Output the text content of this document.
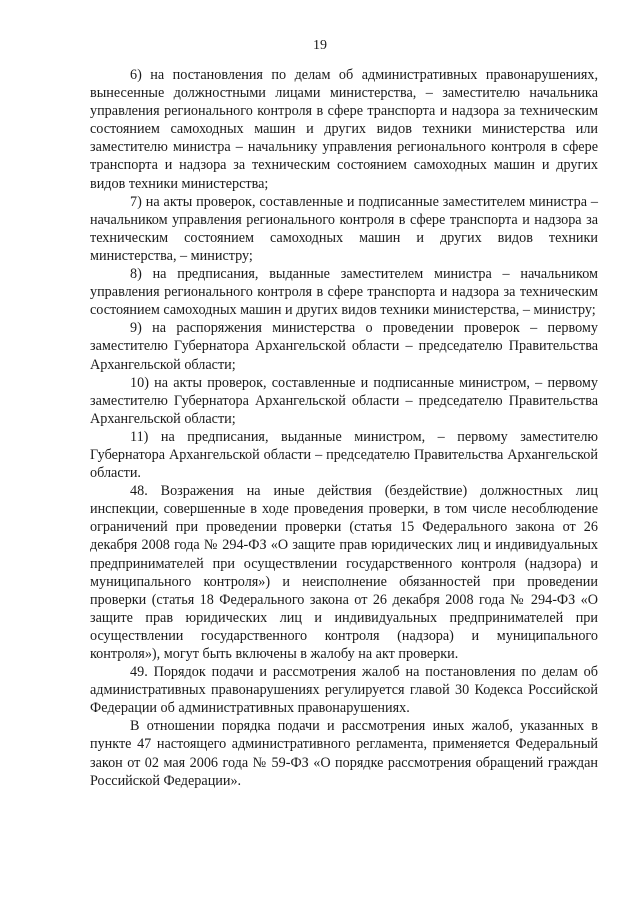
19

6) на постановления по делам об административных правонарушениях, вынесенные должностными лицами министерства, – заместителю начальника управления регионального контроля в сфере транспорта и надзора за техническим состоянием самоходных машин и других видов техники министерства или заместителю министра – начальнику управления регионального контроля в сфере транспорта и надзора за техническим состоянием самоходных машин и других видов техники министерства;

7) на акты проверок, составленные и подписанные заместителем министра – начальником управления регионального контроля в сфере транспорта и надзора за техническим состоянием самоходных машин и других видов техники министерства, – министру;

8) на предписания, выданные заместителем министра – начальником управления регионального контроля в сфере транспорта и надзора за техническим состоянием самоходных машин и других видов техники министерства, – министру;

9) на распоряжения министерства о проведении проверок – первому заместителю Губернатора Архангельской области – председателю Правительства Архангельской области;

10) на акты проверок, составленные и подписанные министром, – первому заместителю Губернатора Архангельской области – председателю Правительства Архангельской области;

11) на предписания, выданные министром, – первому заместителю Губернатора Архангельской области – председателю Правительства Архангельской области.

48. Возражения на иные действия (бездействие) должностных лиц инспекции, совершенные в ходе проведения проверки, в том числе несоблюдение ограничений при проведении проверки (статья 15 Федерального закона от 26 декабря 2008 года № 294-ФЗ «О защите прав юридических лиц и индивидуальных предпринимателей при осуществлении государственного контроля (надзора) и муниципального контроля») и неисполнение обязанностей при проведении проверки (статья 18 Федерального закона от 26 декабря 2008 года № 294-ФЗ «О защите прав юридических лиц и индивидуальных предпринимателей при осуществлении государственного контроля (надзора) и муниципального контроля»), могут быть включены в жалобу на акт проверки.

49. Порядок подачи и рассмотрения жалоб на постановления по делам об административных правонарушениях регулируется главой 30 Кодекса Российской Федерации об административных правонарушениях.

В отношении порядка подачи и рассмотрения иных жалоб, указанных в пункте 47 настоящего административного регламента, применяется Федеральный закон от 02 мая 2006 года № 59-ФЗ «О порядке рассмотрения обращений граждан Российской Федерации».
